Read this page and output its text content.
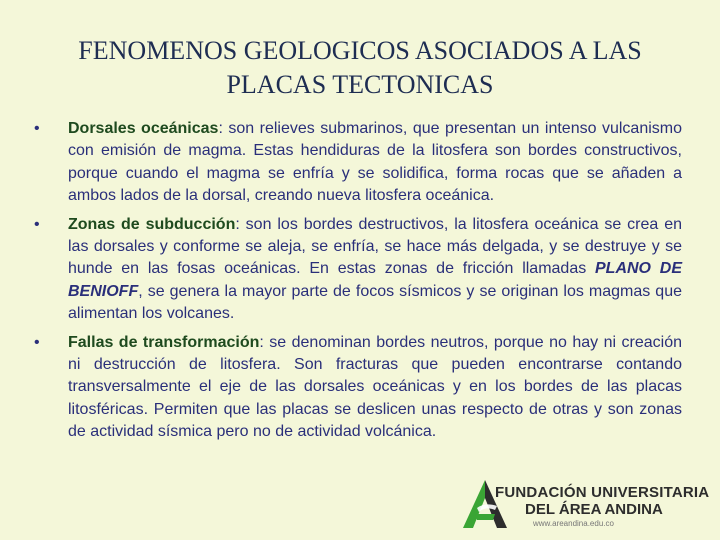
FENOMENOS GEOLOGICOS ASOCIADOS A LAS
PLACAS TECTONICAS
• Dorsales oceánicas: son relieves submarinos, que presentan un intenso vulcanismo con emisión de magma. Estas hendiduras de la litosfera son bordes constructivos, porque cuando el magma se enfría y se solidifica, forma rocas que se añaden a ambos lados de la dorsal, creando nueva litosfera oceánica.
• Zonas de subducción: son los bordes destructivos, la litosfera oceánica se crea en las dorsales y conforme se aleja, se enfría, se hace más delgada, y se destruye y se hunde en las fosas oceánicas. En estas zonas de fricción llamadas PLANO DE BENIOFF, se genera la mayor parte de focos sísmicos y se originan los magmas que alimentan los volcanes.
• Fallas de transformación: se denominan bordes neutros, porque no hay ni creación ni destrucción de litosfera. Son fracturas que pueden encontrarse contando transversalmente el eje de las dorsales oceánicas y en los bordes de las placas litosféricas. Permiten que las placas se deslicen unas respecto de otras y son zonas de actividad sísmica pero no de actividad volcánica.
FUNDACIÓN UNIVERSITARIA
DEL ÁREA ANDINA
www.areandina.edu.co
